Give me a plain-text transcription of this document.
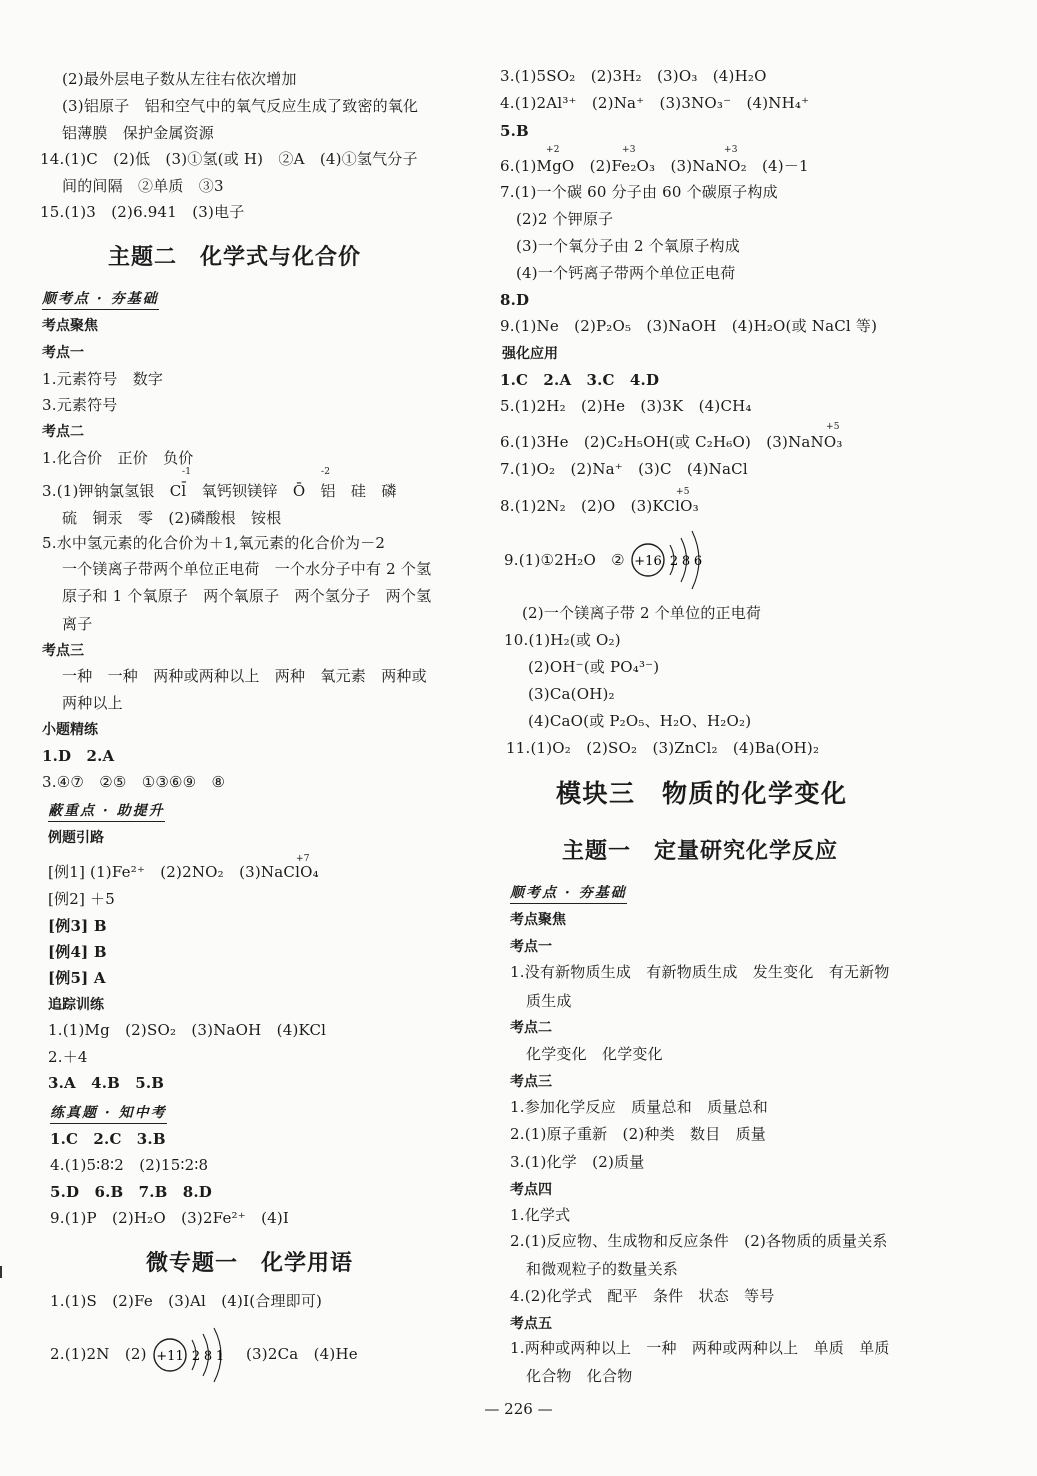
(2)最外层电子数从左往右依次增加
(3)铝原子　铝和空气中的氧气反应生成了致密的氧化
铝薄膜　保护金属资源
14.(1)C　(2)低　(3)①氢(或 H)　②A　(4)①氢气分子
间的间隔　②单质　③3
15.(1)3　(2)6.941　(3)电子
主题二　化学式与化合价
顺考点 · 夯基础
考点聚焦
考点一
1.元素符号　数字
3.元素符号
考点二
1.化合价　正价　负价
-1	-2
3.(1)钾钠氯氢银　Cl̄　氧钙钡镁锌　Ō　铝　硅　磷
硫　铜汞　零　(2)磷酸根　铵根
5.水中氢元素的化合价为＋1,氧元素的化合价为－2
一个镁离子带两个单位正电荷　一个水分子中有 2 个氢
原子和 1 个氧原子　两个氧原子　两个氢分子　两个氢
离子
考点三
一种　一种　两种或两种以上　两种　氧元素　两种或
两种以上
小题精练
1.D　2.A
3.④⑦　②⑤　①③⑥⑨　⑧
蔽重点 · 助提升
例题引路
+7
[例1] (1)Fe²⁺　(2)2NO₂　(3)NaClO₄
[例2] ＋5
[例3] B
[例4] B
[例5] A
追踪训练
1.(1)Mg　(2)SO₂　(3)NaOH　(4)KCl
2.＋4
3.A　4.B　5.B
练真题 · 知中考
1.C　2.C　3.B
4.(1)5∶8∶2　(2)15∶2∶8
5.D　6.B　7.B　8.D
9.(1)P　(2)H₂O　(3)2Fe²⁺　(4)I
微专题一　化学用语
1.(1)S　(2)Fe　(3)Al　(4)I(合理即可)
2.(1)2N　(2) +11 2 8 1 (3)2Ca　(4)He
3.(1)5SO₂　(2)3H₂　(3)O₃　(4)H₂O
4.(1)2Al³⁺　(2)Na⁺　(3)3NO₃⁻　(4)NH₄⁺
5.B
+2	+3	+3
6.(1)MgO　(2)Fe₂O₃　(3)NaNO₂　(4)－1
7.(1)一个碳 60 分子由 60 个碳原子构成
(2)2 个钾原子
(3)一个氧分子由 2 个氧原子构成
(4)一个钙离子带两个单位正电荷
8.D
9.(1)Ne　(2)P₂O₅　(3)NaOH　(4)H₂O(或 NaCl 等)
强化应用
1.C　2.A　3.C　4.D
5.(1)2H₂　(2)He　(3)3K　(4)CH₄
+5
6.(1)3He　(2)C₂H₅OH(或 C₂H₆O)　(3)NaNO₃
7.(1)O₂　(2)Na⁺　(3)C　(4)NaCl
+5
8.(1)2N₂　(2)O　(3)KClO₃
9.(1)①2H₂O　② +16 2 8 6
(2)一个镁离子带 2 个单位的正电荷
10.(1)H₂(或 O₂)
(2)OH⁻(或 PO₄³⁻)
(3)Ca(OH)₂
(4)CaO(或 P₂O₅、H₂O、H₂O₂)
11.(1)O₂　(2)SO₂　(3)ZnCl₂　(4)Ba(OH)₂
模块三　物质的化学变化
主题一　定量研究化学反应
顺考点 · 夯基础
考点聚焦
考点一
1.没有新物质生成　有新物质生成　发生变化　有无新物
质生成
考点二
化学变化　化学变化
考点三
1.参加化学反应　质量总和　质量总和
2.(1)原子重新　(2)种类　数目　质量
3.(1)化学　(2)质量
考点四
1.化学式
2.(1)反应物、生成物和反应条件　(2)各物质的质量关系
和微观粒子的数量关系
4.(2)化学式　配平　条件　状态　等号
考点五
1.两种或两种以上　一种　两种或两种以上　单质　单质
化合物　化合物
— 226 —
